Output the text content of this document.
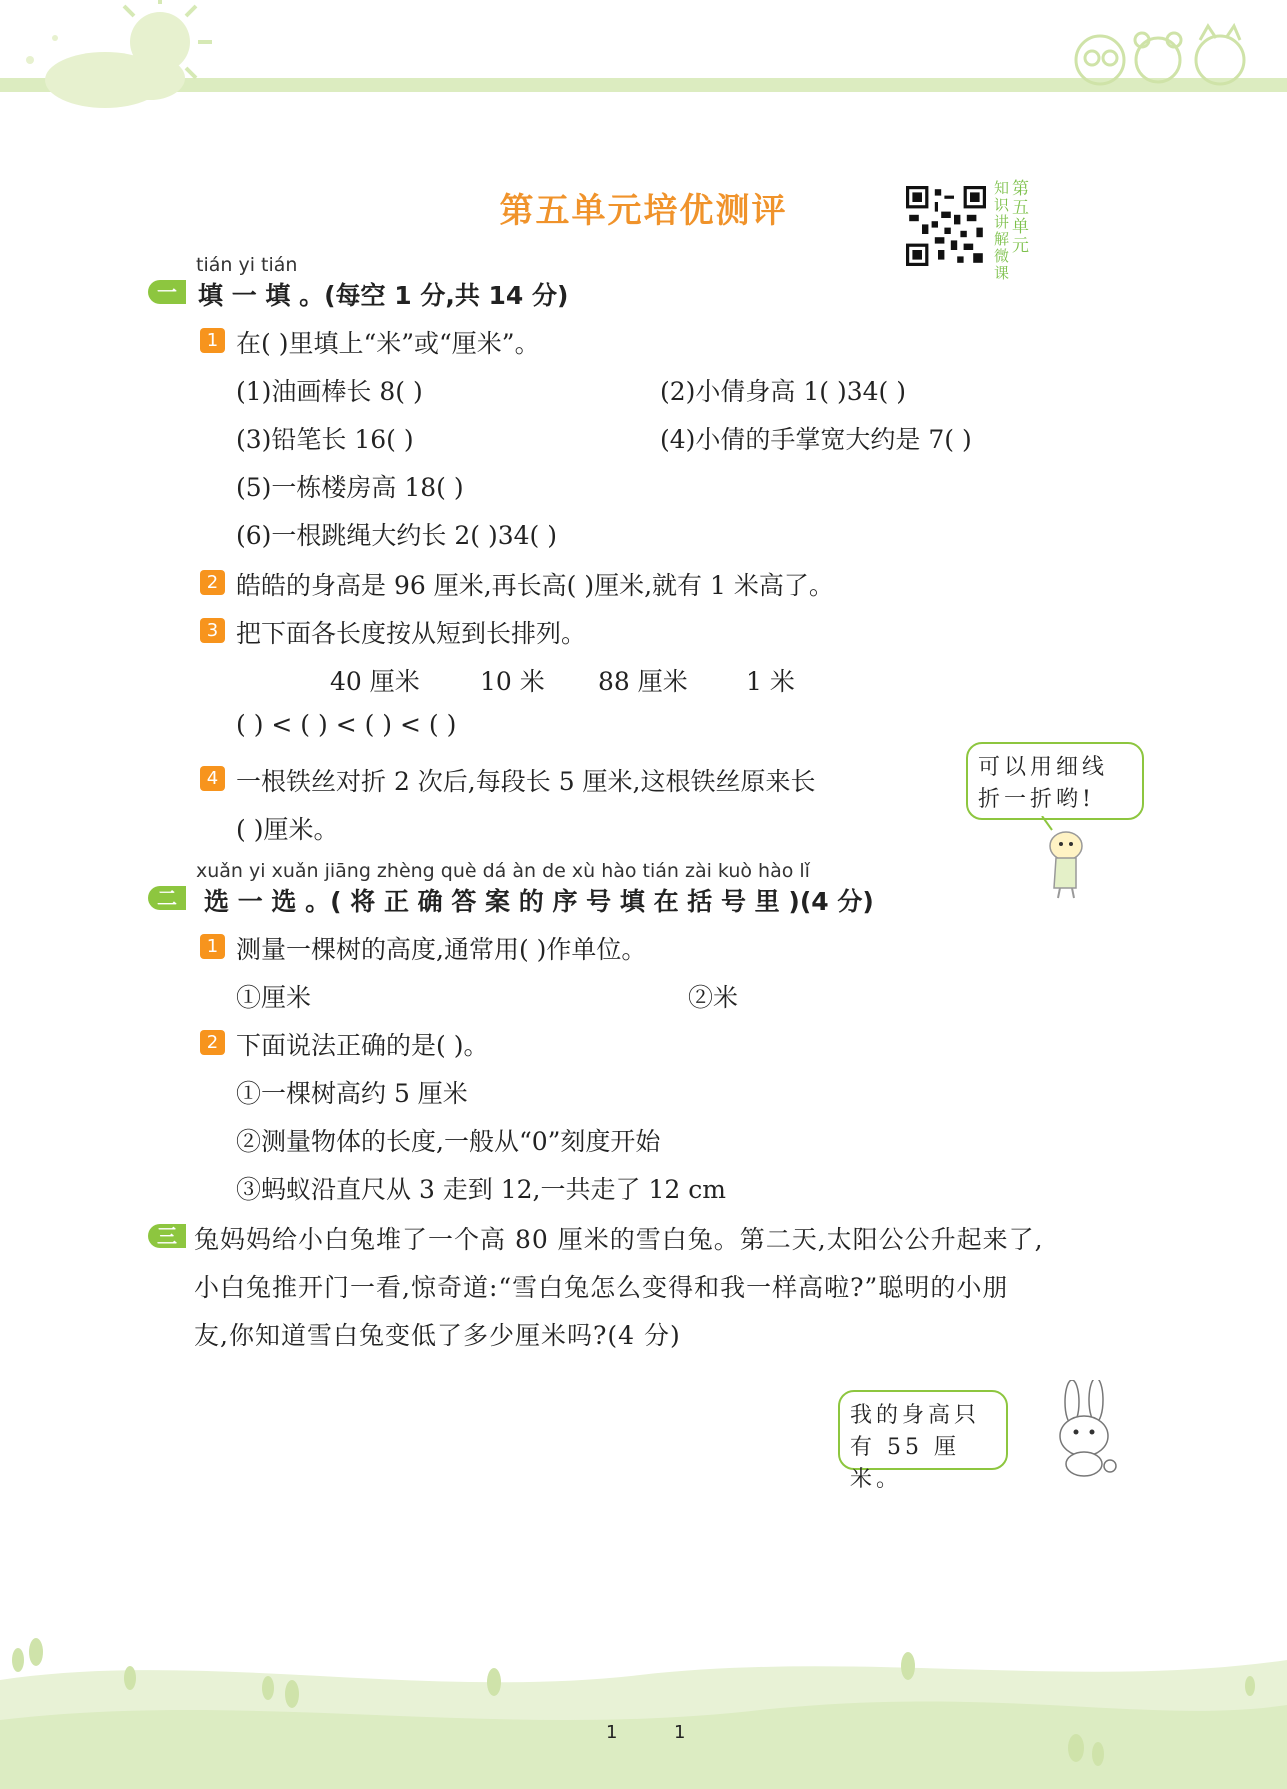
第五单元培优测评
知
识
讲
解
微
课
第
五
单
元
tián yi tián
一 填 一 填 。(每空 1 分,共 14 分)
1 在( )里填上“米”或“厘米”。
(1)油画棒长 8( )	(2)小倩身高 1( )34( )
(3)铅笔长 16( )	(4)小倩的手掌宽大约是 7( )
(5)一栋楼房高 18( )
(6)一根跳绳大约长 2( )34( )
2 皓皓的身高是 96 厘米,再长高( )厘米,就有 1 米高了。
3 把下面各长度按从短到长排列。
40 厘米 10 米 88 厘米 1 米
( ) < ( ) < ( ) < ( )
4 一根铁丝对折 2 次后,每段长 5 厘米,这根铁丝原来长
( )厘米。
可以用细线
折一折哟!
xuǎn yi xuǎn jiāng zhèng què dá àn de xù hào tián zài kuò hào lǐ
二	选 一 选 。( 将 正 确 答 案 的 序 号 填 在 括 号 里 )(4 分)
1 测量一棵树的高度,通常用( )作单位。
①厘米	②米
2 下面说法正确的是( )。
①一棵树高约 5 厘米
②测量物体的长度,一般从“0”刻度开始
③蚂蚁沿直尺从 3 走到 12,一共走了 12 cm
三 兔妈妈给小白兔堆了一个高 80 厘米的雪白兔。第二天,太阳公公升起来了,
小白兔推开门一看,惊奇道:“雪白兔怎么变得和我一样高啦?”聪明的小朋
友,你知道雪白兔变低了多少厘米吗?(4 分)
我的身高只
有 55 厘米。
1	1
